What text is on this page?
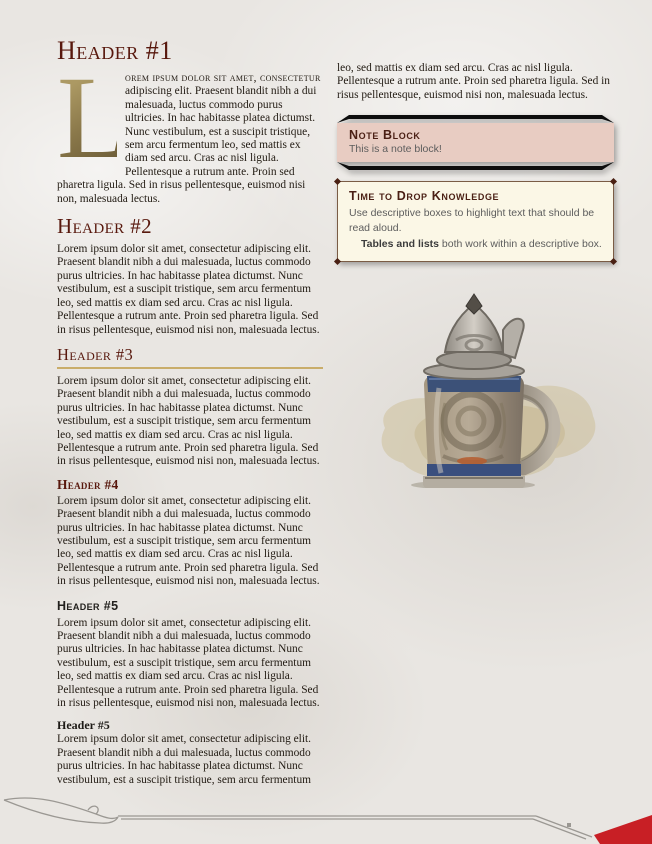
Header #1

L
orem ipsum dolor sit amet, consectetur adipiscing elit. Praesent blandit nibh a dui malesuada, luctus commodo purus ultricies. In hac habitasse platea dictumst. Nunc vestibulum, est a suscipit tristique, sem arcu fermentum leo, sed mattis ex diam sed arcu. Cras ac nisl ligula. Pellentesque a rutrum ante. Proin sed pharetra ligula. Sed in risus pellentesque, euismod nisi non, malesuada lectus.

Header #2

Lorem ipsum dolor sit amet, consectetur adipiscing elit. Praesent blandit nibh a dui malesuada, luctus commodo purus ultricies. In hac habitasse platea dictumst. Nunc vestibulum, est a suscipit tristique, sem arcu fermentum leo, sed mattis ex diam sed arcu. Cras ac nisl ligula. Pellentesque a rutrum ante. Proin sed pharetra ligula. Sed in risus pellentesque, euismod nisi non, malesuada lectus.

Header #3

Lorem ipsum dolor sit amet, consectetur adipiscing elit. Praesent blandit nibh a dui malesuada, luctus commodo purus ultricies. In hac habitasse platea dictumst. Nunc vestibulum, est a suscipit tristique, sem arcu fermentum leo, sed mattis ex diam sed arcu. Cras ac nisl ligula. Pellentesque a rutrum ante. Proin sed pharetra ligula. Sed in risus pellentesque, euismod nisi non, malesuada lectus.

Header #4

Lorem ipsum dolor sit amet, consectetur adipiscing elit. Praesent blandit nibh a dui malesuada, luctus commodo purus ultricies. In hac habitasse platea dictumst. Nunc vestibulum, est a suscipit tristique, sem arcu fermentum leo, sed mattis ex diam sed arcu. Cras ac nisl ligula. Pellentesque a rutrum ante. Proin sed pharetra ligula. Sed in risus pellentesque, euismod nisi non, malesuada lectus.

Header #5

Lorem ipsum dolor sit amet, consectetur adipiscing elit. Praesent blandit nibh a dui malesuada, luctus commodo purus ultricies. In hac habitasse platea dictumst. Nunc vestibulum, est a suscipit tristique, sem arcu fermentum leo, sed mattis ex diam sed arcu. Cras ac nisl ligula. Pellentesque a rutrum ante. Proin sed pharetra ligula. Sed in risus pellentesque, euismod nisi non, malesuada lectus.

Header #5

Lorem ipsum dolor sit amet, consectetur adipiscing elit. Praesent blandit nibh a dui malesuada, luctus commodo purus ultricies. In hac habitasse platea dictumst. Nunc vestibulum, est a suscipit tristique, sem arcu fermentum

leo, sed mattis ex diam sed arcu. Cras ac nisl ligula. Pellentesque a rutrum ante. Proin sed pharetra ligula. Sed in risus pellentesque, euismod nisi non, malesuada lectus.

Note Block

This is a note block!

Time to Drop Knowledge

Use descriptive boxes to highlight text that should be read aloud.

Tables and lists both work within a descriptive box.
